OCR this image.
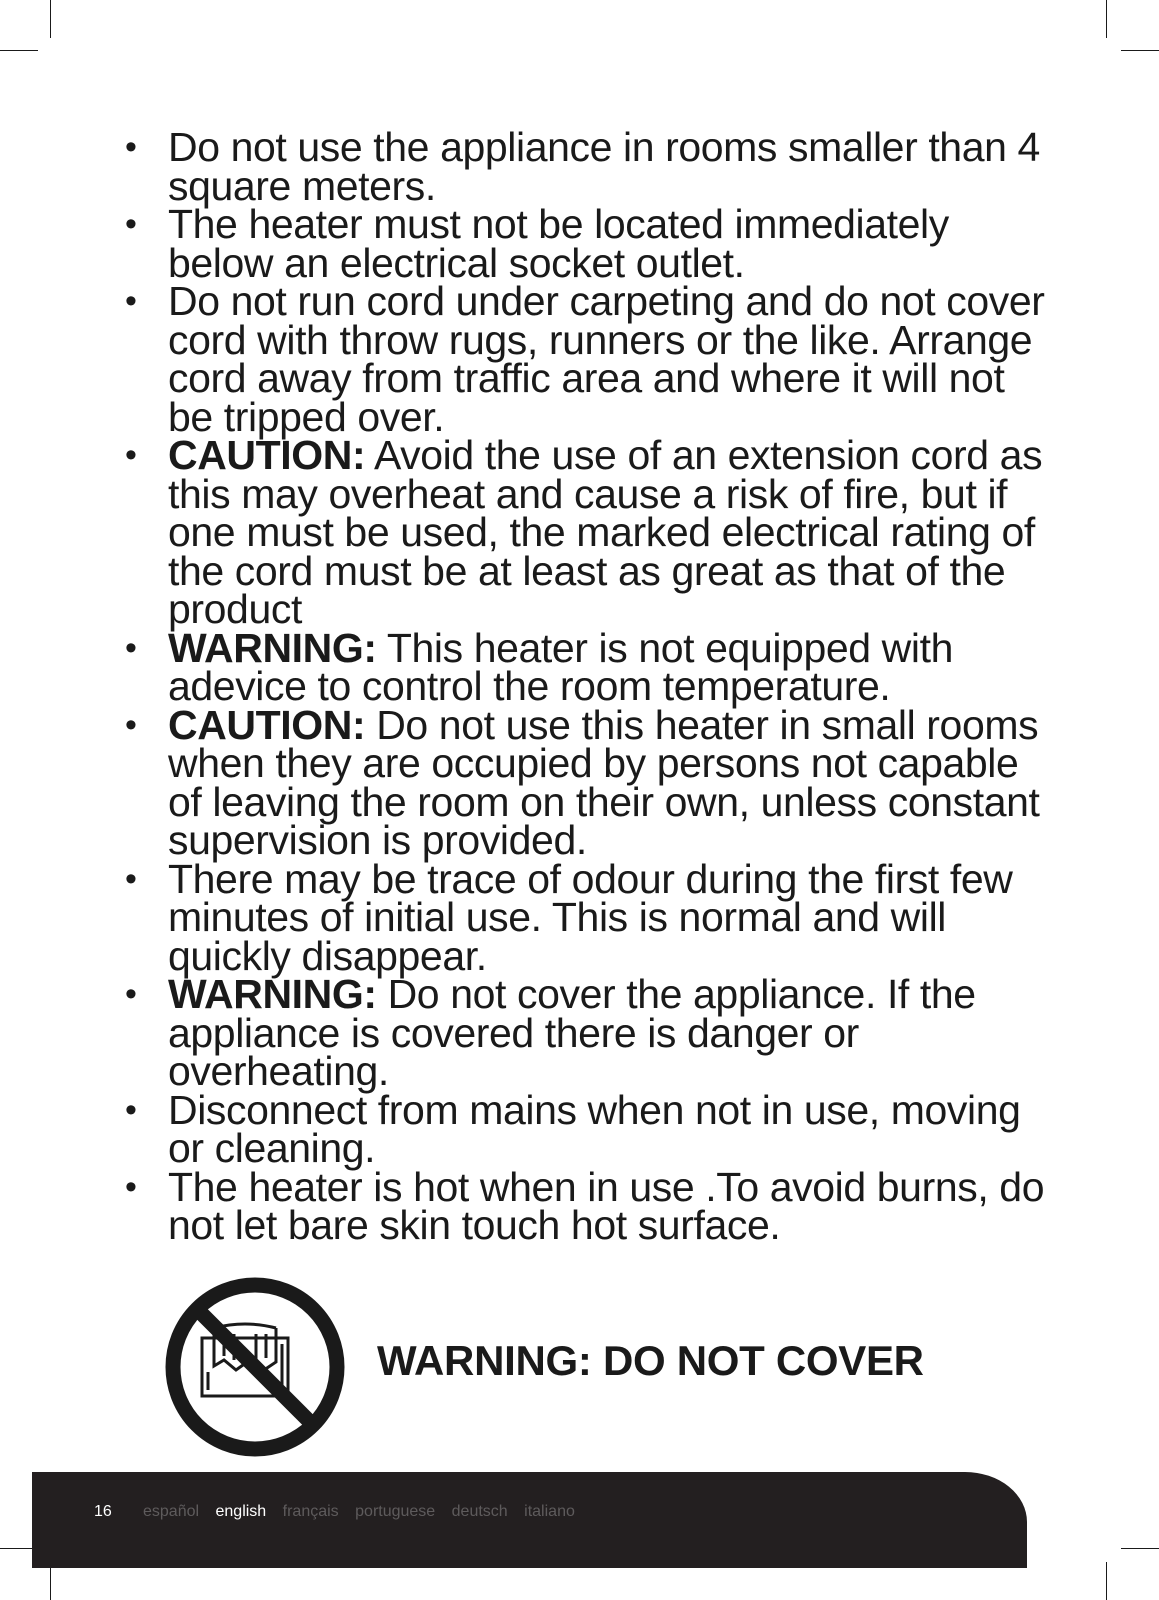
• Do not use the appliance in rooms smaller than 4 square meters.
• The heater must not be located immediately below an electrical socket outlet.
• Do not run cord under carpeting and do not cover cord with throw rugs, runners or the like. Arrange cord away from traffic area and where it will not be tripped over.
• CAUTION: Avoid the use of an extension cord as this may overheat and cause a risk of fire, but if one must be used, the marked electrical rating of the cord must be at least as great as that of the product
• WARNING: This heater is not equipped with adevice to control the room temperature.
• CAUTION: Do not use this heater in small rooms when they are occupied by persons not capable of leaving the room on their own, unless constant supervision is provided.
• There may be trace of odour during the first few minutes of initial use. This is normal and will quickly disappear.
• WARNING: Do not cover the appliance. If the appliance is covered there is danger or overheating.
• Disconnect from mains when not in use, moving or cleaning.
• The heater is hot when in use .To avoid burns, do not let bare skin touch hot surface.
WARNING: DO NOT COVER
16 español english français portuguese deutsch italiano
